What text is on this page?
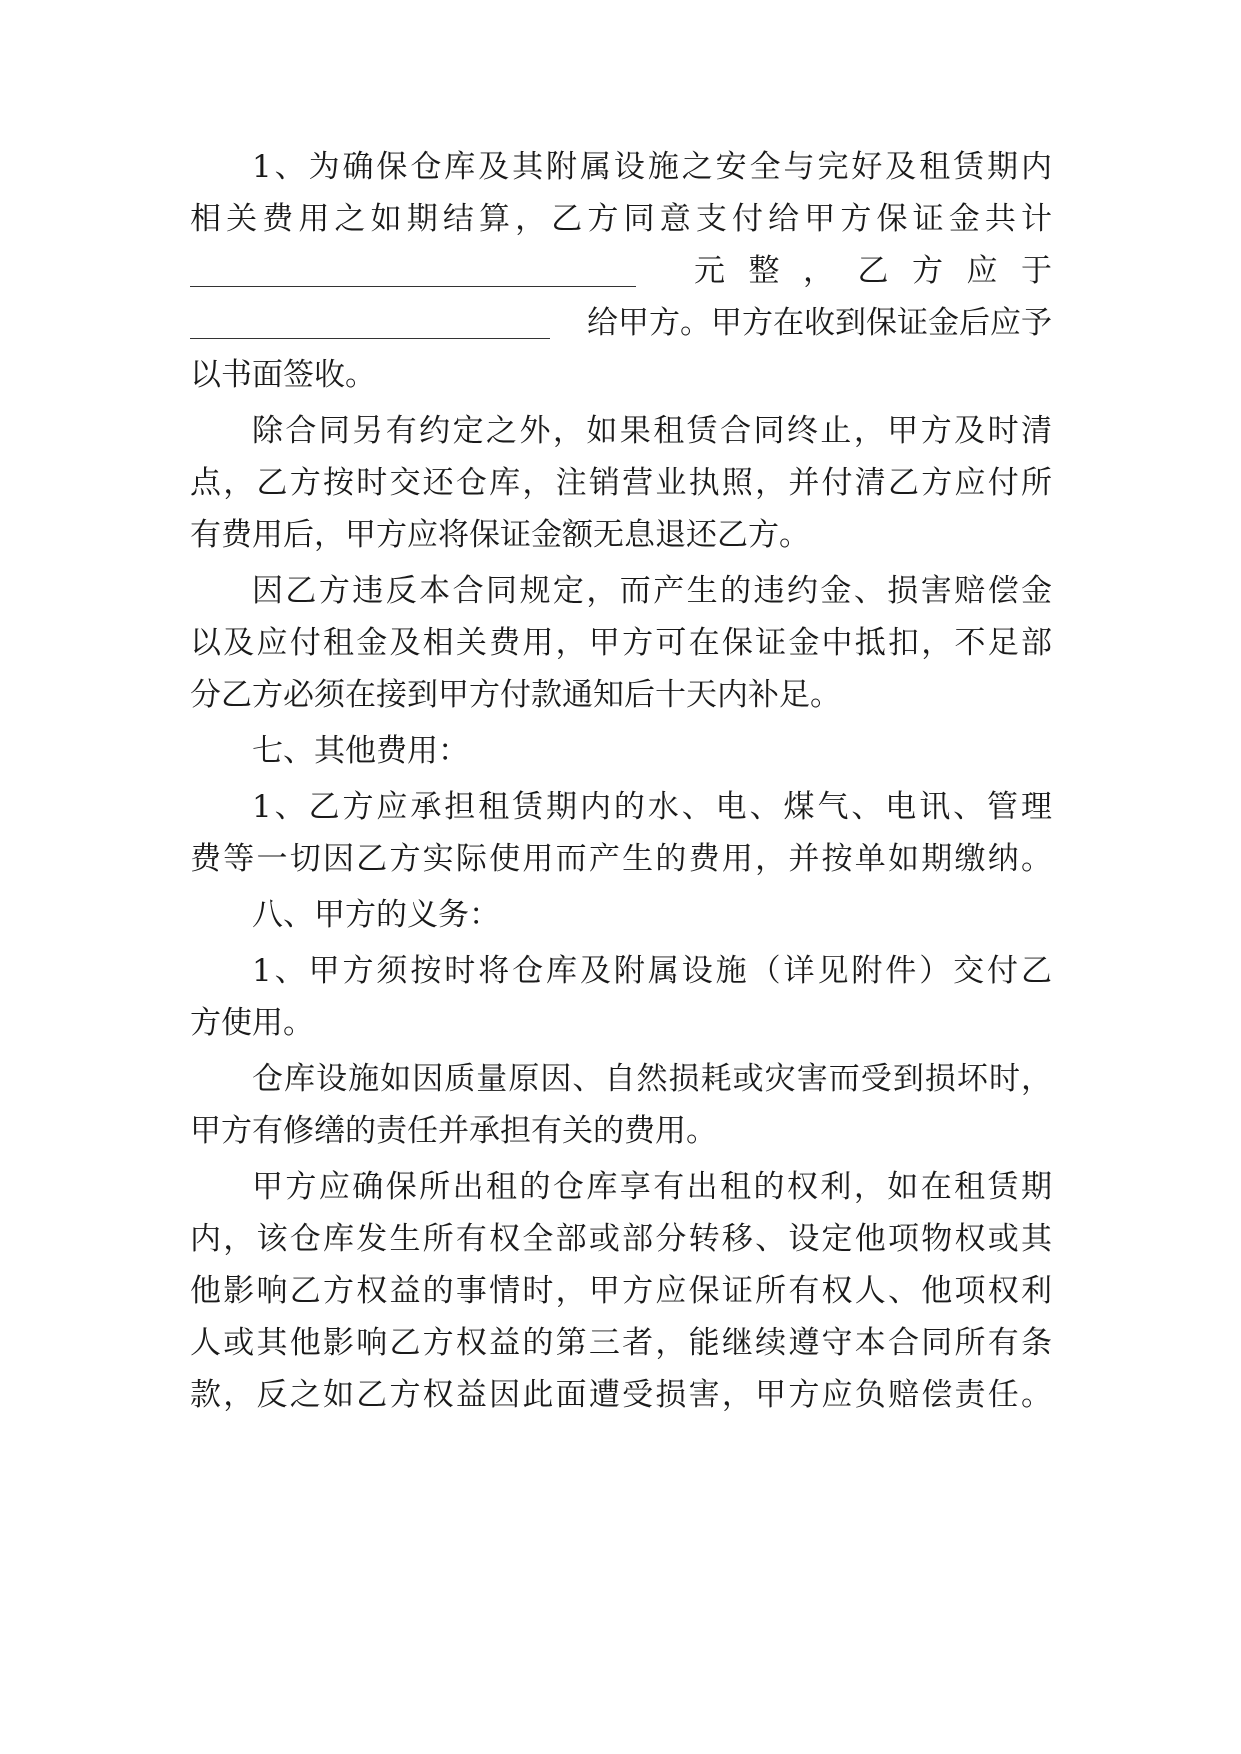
1、为确保仓库及其附属设施之安全与完好及租赁期内
相关费用之如期结算，乙方同意支付给甲方保证金共计
元 整 ， 乙 方 应 于
给甲方。甲方在收到保证金后应予
以书面签收。
除合同另有约定之外，如果租赁合同终止，甲方及时清
点，乙方按时交还仓库，注销营业执照，并付清乙方应付所
有费用后，甲方应将保证金额无息退还乙方。
因乙方违反本合同规定，而产生的违约金、损害赔偿金
以及应付租金及相关费用，甲方可在保证金中抵扣，不足部
分乙方必须在接到甲方付款通知后十天内补足。
七、其他费用：
1、乙方应承担租赁期内的水、电、煤气、电讯、管理
费等一切因乙方实际使用而产生的费用，并按单如期缴纳。
八、甲方的义务：
1、甲方须按时将仓库及附属设施（详见附件）交付乙
方使用。
仓库设施如因质量原因、自然损耗或灾害而受到损坏时，
甲方有修缮的责任并承担有关的费用。
甲方应确保所出租的仓库享有出租的权利，如在租赁期
内，该仓库发生所有权全部或部分转移、设定他项物权或其
他影响乙方权益的事情时，甲方应保证所有权人、他项权利
人或其他影响乙方权益的第三者，能继续遵守本合同所有条
款，反之如乙方权益因此面遭受损害，甲方应负赔偿责任。
